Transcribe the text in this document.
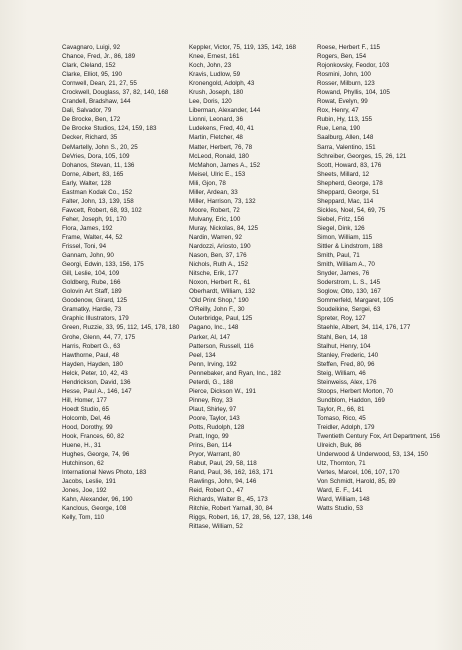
Cavagnaro, Luigi, 92
Chance, Fred, Jr., 86, 189
Clark, Cleland, 152
Clarke, Elliot, 95, 190
Cornwell, Dean, 21, 27, 55
Crockwell, Douglass, 37, 82, 140, 168
Crandell, Bradshaw, 144
Dali, Salvador, 79
De Brocke, Ben, 172
De Brocke Studios, 124, 159, 183
Decker, Richard, 35
DeMartelly, John S., 20, 25
DeVries, Dora, 105, 109
Dohanos, Stevan, 11, 136
Dorne, Albert, 83, 165
Early, Walter, 128
Eastman Kodak Co., 152
Falter, John, 13, 139, 158
Fawcett, Robert, 68, 93, 102
Feher, Joseph, 91, 170
Flora, James, 192
Frame, Walter, 44, 52
Frissel, Toni, 94
Gannam, John, 90
Georgi, Edwin, 133, 156, 175
Gill, Leslie, 104, 109
Goldberg, Rube, 166
Golovin Art Staff, 189
Goodenow, Girard, 125
Gramatky, Hardie, 73
Graphic Illustrators, 179
Green, Ruzzie, 33, 95, 112, 145, 178, 180
Grohe, Glenn, 44, 77, 175
Harris, Robert G., 63
Hawthorne, Paul, 48
Hayden, Hayden, 180
Helck, Peter, 10, 42, 43
Hendrickson, David, 136
Hesse, Paul A., 146, 147
Hill, Homer, 177
Hoedt Studio, 65
Holcomb, Del, 46
Hood, Dorothy, 99
Hook, Frances, 60, 82
Huene, H., 31
Hughes, George, 74, 96
Hutchinson, 62
International News Photo, 183
Jacobs, Leslie, 191
Jones, Joe, 192
Kahn, Alexander, 96, 190
Kanclous, George, 108
Kelly, Tom, 110
Keppler, Victor, 75, 119, 135, 142, 168
Knee, Ernest, 161
Koch, John, 23
Kravis, Ludlow, 59
Kronengold, Adolph, 43
Krush, Joseph, 180
Lee, Doris, 120
Liberman, Alexander, 144
Lionni, Leonard, 36
Ludekens, Fred, 40, 41
Martin, Fletcher, 48
Matter, Herbert, 76, 78
McLeod, Ronald, 180
McMahon, James A., 152
Meisel, Ulric E., 153
Mili, Gjon, 78
Miller, Ardean, 33
Miller, Harrison, 73, 132
Moore, Robert, 72
Mulvany, Eric, 100
Muray, Nickolas, 84, 125
Nardin, Warren, 92
Nardozzi, Ariosto, 190
Nason, Ben, 37, 176
Nichols, Ruth A., 152
Nitsche, Erik, 177
Noxon, Herbert R., 61
Oberhardt, William, 132
"Old Print Shop," 190
O'Reilly, John F., 30
Outerbridge, Paul, 125
Pagano, Inc., 148
Parker, Al, 147
Patterson, Russell, 116
Peel, 134
Penn, Irving, 192
Pennebaker, and Ryan, Inc., 182
Peterdi, G., 188
Pierce, Dickson W., 191
Pinney, Roy, 33
Plaut, Shirley, 97
Poore, Taylor, 143
Potts, Rudolph, 128
Pratt, Ingo, 99
Prins, Ben, 114
Pryor, Warrant, 80
Rabut, Paul, 29, 58, 118
Rand, Paul, 36, 162, 163, 171
Rawlings, John, 94, 146
Reid, Robert O., 47
Richards, Walter B., 45, 173
Ritchie, Robert Yarnall, 30, 84
Riggs, Robert, 16, 17, 28, 56, 127, 138, 146
Rittase, William, 52
Roese, Herbert F., 115
Rogers, Ben, 154
Rojonkovsky, Feodor, 103
Rosmini, John, 100
Rosser, Milburn, 123
Rowand, Phyllis, 104, 105
Rowat, Evelyn, 99
Rox, Henry, 47
Rubin, Hy, 113, 155
Rue, Lena, 190
Saalburg, Allen, 148
Sarra, Valentino, 151
Schreiber, Georges, 15, 26, 121
Scott, Howard, 83, 176
Sheets, Millard, 12
Shepherd, George, 178
Sheppard, George, 51
Sheppard, Mac, 114
Sickles, Noel, 54, 69, 75
Siebel, Fritz, 156
Siegel, Dink, 126
Simon, William, 115
Sittler & Lindstrom, 188
Smith, Paul, 71
Smith, William A., 70
Snyder, James, 76
Soderstrom, L. S., 145
Soglow, Otto, 130, 167
Sommerfeld, Margaret, 105
Soudeikine, Sergei, 63
Spreter, Roy, 127
Staehle, Albert, 34, 114, 176, 177
Stahl, Ben, 14, 18
Stalhut, Henry, 104
Stanley, Frederic, 140
Steffen, Fred, 80, 96
Steig, William, 46
Steinweiss, Alex, 176
Stoops, Herbert Morton, 70
Sundblom, Haddon, 169
Taylor, R., 66, 81
Tomaso, Rico, 45
Treidler, Adolph, 179
Twentieth Century Fox, Art Department, 156
Ulreich, Buk, 86
Underwood & Underwood, 53, 134, 150
Utz, Thornton, 71
Vertes, Marcel, 106, 107, 170
Von Schmidt, Harold, 85, 89
Ward, E. F., 141
Ward, William, 148
Watts Studio, 53
